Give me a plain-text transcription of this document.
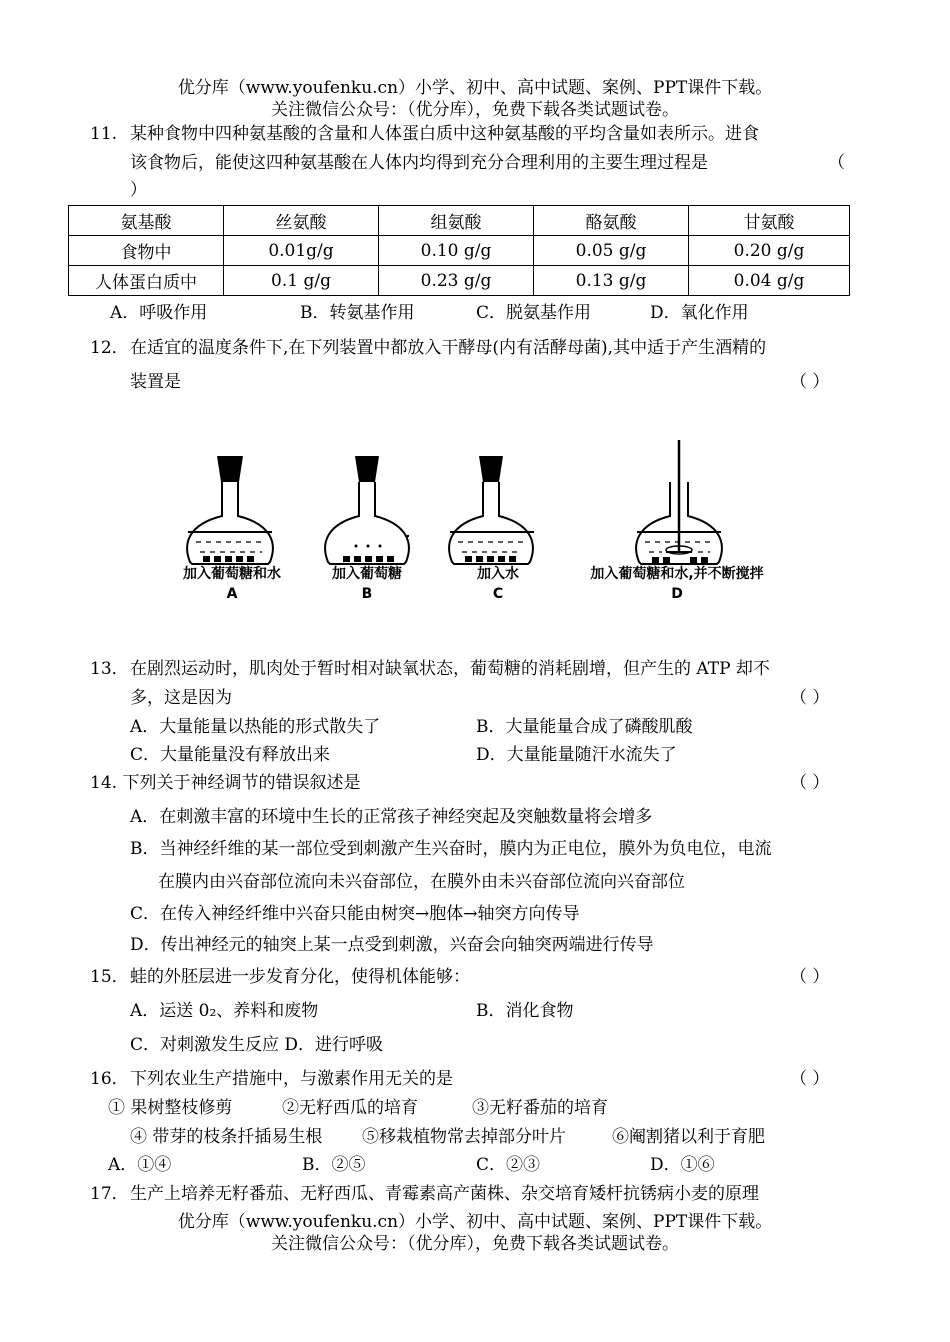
优分库（www.youfenku.cn）小学、初中、高中试题、案例、PPT课件下载。
关注微信公众号：（优分库），免费下载各类试题试卷。
11. 某种食物中四种氨基酸的含量和人体蛋白质中这种氨基酸的平均含量如表所示。进食
该食物后，能使这四种氨基酸在人体内均得到充分合理利用的主要生理过程是	（
）
氨基酸	丝氨酸	组氨酸	酪氨酸	甘氨酸
食物中	0.01g/g	0.10 g/g	0.05 g/g	0.20 g/g
人体蛋白质中	0.1 g/g	0.23 g/g	0.13 g/g	0.04 g/g
A．呼吸作用	B．转氨基作用	C．脱氨基作用	D．氧化作用
12． 在适宜的温度条件下,在下列装置中都放入干酵母(内有活酵母菌),其中适于产生酒精的
装置是	（ ）
加入葡萄糖和水
A
加入葡萄糖
B
加入水
C
加入葡萄糖和水,并不断搅拌
D
13． 在剧烈运动时，肌肉处于暂时相对缺氧状态，葡萄糖的消耗剧增，但产生的 ATP 却不
多，这是因为	（ ）
A．大量能量以热能的形式散失了	B．大量能量合成了磷酸肌酸
C．大量能量没有释放出来	D．大量能量随汗水流失了
14. 下列关于神经调节的错误叙述是	（ ）
A．在刺激丰富的环境中生长的正常孩子神经突起及突触数量将会增多
B．当神经纤维的某一部位受到刺激产生兴奋时，膜内为正电位，膜外为负电位，电流
在膜内由兴奋部位流向未兴奋部位，在膜外由未兴奋部位流向兴奋部位
C．在传入神经纤维中兴奋只能由树突→胞体→轴突方向传导
D．传出神经元的轴突上某一点受到刺激，兴奋会向轴突两端进行传导
15． 蛙的外胚层进一步发育分化，使得机体能够：	（ ）
A．运送 0₂、养料和废物	B．消化食物
C．对刺激发生反应 D．进行呼吸
16． 下列农业生产措施中，与激素作用无关的是	（ ）
① 果树整枝修剪	②无籽西瓜的培育	③无籽番茄的培育
④ 带芽的枝条扦插易生根 ⑤移栽植物常去掉部分叶片	⑥阉割猪以利于育肥
A．①④	B．②⑤	C．②③	D．①⑥
17． 生产上培养无籽番茄、无籽西瓜、青霉素高产菌株、杂交培育矮杆抗锈病小麦的原理
优分库（www.youfenku.cn）小学、初中、高中试题、案例、PPT课件下载。
关注微信公众号：（优分库），免费下载各类试题试卷。
